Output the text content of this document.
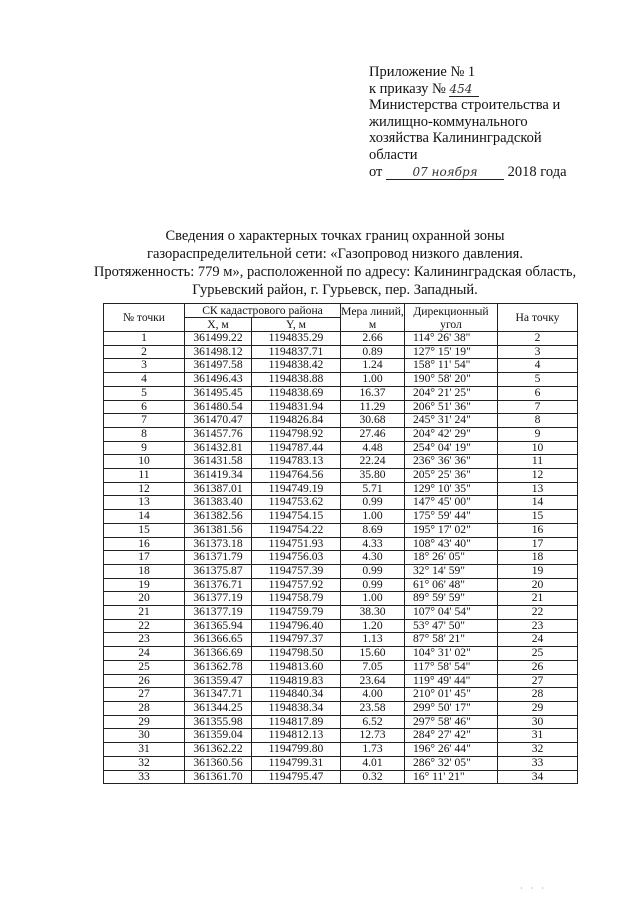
Приложение № 1
к приказу № 454
Министерства строительства и
жилищно-коммунального
хозяйства Калининградской
области
от	07 ноября 2018 года
Сведения о характерных точках границ охранной зоны
газораспределительной сети: «Газопровод низкого давления.
Протяженность: 779 м», расположенной по адресу: Калининградская область,
Гурьевский район, г. Гурьевск, пер. Западный.
№ точки	СК кадастрового района		Мера линий, м	Дирекционный угол	На точку
	X, м	Y, м			
1	361499.22	1194835.29	2.66	114° 26' 38"	2
2	361498.12	1194837.71	0.89	127° 15' 19"	3
3	361497.58	1194838.42	1.24	158° 11' 54"	4
4	361496.43	1194838.88	1.00	190° 58' 20"	5
5	361495.45	1194838.69	16.37	204° 21' 25"	6
6	361480.54	1194831.94	11.29	206° 51' 36"	7
7	361470.47	1194826.84	30.68	245° 31' 24"	8
8	361457.76	1194798.92	27.46	204° 42' 29"	9
9	361432.81	1194787.44	4.48	254° 04' 19"	10
10	361431.58	1194783.13	22.24	236° 36' 36"	11
11	361419.34	1194764.56	35.80	205° 25' 36"	12
12	361387.01	1194749.19	5.71	129° 10' 35"	13
13	361383.40	1194753.62	0.99	147° 45' 00"	14
14	361382.56	1194754.15	1.00	175° 59' 44"	15
15	361381.56	1194754.22	8.69	195° 17' 02"	16
16	361373.18	1194751.93	4.33	108° 43' 40"	17
17	361371.79	1194756.03	4.30	18° 26' 05"	18
18	361375.87	1194757.39	0.99	32° 14' 59"	19
19	361376.71	1194757.92	0.99	61° 06' 48"	20
20	361377.19	1194758.79	1.00	89° 59' 59"	21
21	361377.19	1194759.79	38.30	107° 04' 54"	22
22	361365.94	1194796.40	1.20	53° 47' 50"	23
23	361366.65	1194797.37	1.13	87° 58' 21"	24
24	361366.69	1194798.50	15.60	104° 31' 02"	25
25	361362.78	1194813.60	7.05	117° 58' 54"	26
26	361359.47	1194819.83	23.64	119° 49' 44"	27
27	361347.71	1194840.34	4.00	210° 01' 45"	28
28	361344.25	1194838.34	23.58	299° 50' 17"	29
29	361355.98	1194817.89	6.52	297° 58' 46"	30
30	361359.04	1194812.13	12.73	284° 27' 42"	31
31	361362.22	1194799.80	1.73	196° 26' 44"	32
32	361360.56	1194799.31	4.01	286° 32' 05"	33
33	361361.70	1194795.47	0.32	16° 11' 21"	34
· · ·
